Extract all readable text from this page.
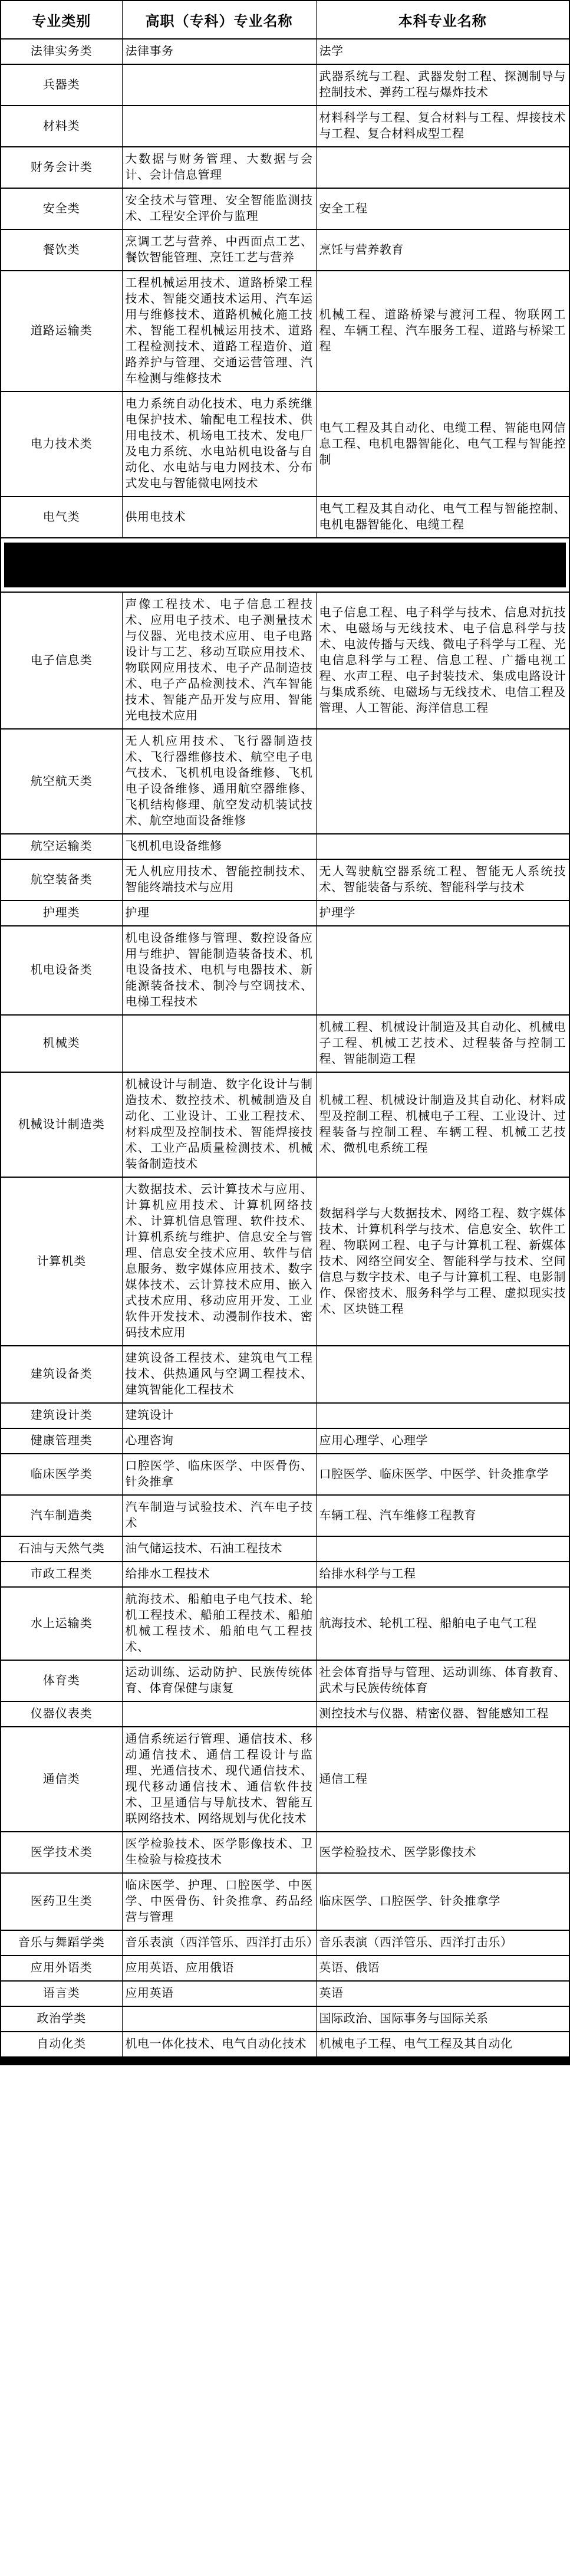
专业类别	高职（专科）专业名称	本科专业名称
法律实务类	法律事务	法学
兵器类		武器系统与工程、武器发射工程、探测制导与控制技术、弹药工程与爆炸技术
材料类		材料科学与工程、复合材料与工程、焊接技术与工程、复合材料成型工程
财务会计类	大数据与财务管理、大数据与会计、会计信息管理	
安全类	安全技术与管理、安全智能监测技术、工程安全评价与监理	安全工程
餐饮类	烹调工艺与营养、中西面点工艺、餐饮智能管理、烹饪工艺与营养	烹饪与营养教育
道路运输类	工程机械运用技术、道路桥梁工程技术、智能交通技术运用、汽车运用与维修技术、道路机械化施工技术、智能工程机械运用技术、道路工程检测技术、道路工程造价、道路养护与管理、交通运营管理、汽车检测与维修技术	机械工程、道路桥梁与渡河工程、物联网工程、车辆工程、汽车服务工程、道路与桥梁工程
电力技术类	电力系统自动化技术、电力系统继电保护技术、输配电工程技术、供用电技术、机场电工技术、发电厂及电力系统、水电站机电设备与自动化、水电站与电力网技术、分布式发电与智能微电网技术	电气工程及其自动化、电缆工程、智能电网信息工程、电机电器智能化、电气工程与智能控制
电气类	供用电技术	电气工程及其自动化、电气工程与智能控制、电机电器智能化、电缆工程

电子信息类	声像工程技术、电子信息工程技术、应用电子技术、电子测量技术与仪器、光电技术应用、电子电路设计与工艺、移动互联应用技术、物联网应用技术、电子产品制造技术、电子产品检测技术、汽车智能技术、智能产品开发与应用、智能光电技术应用	电子信息工程、电子科学与技术、信息对抗技术、电磁场与无线技术、电子信息科学与技术、电波传播与天线、微电子科学与工程、光电信息科学与工程、信息工程、广播电视工程、水声工程、电子封装技术、集成电路设计与集成系统、电磁场与无线技术、电信工程及管理、人工智能、海洋信息工程
航空航天类	无人机应用技术、飞行器制造技术、飞行器维修技术、航空电子电气技术、飞机机电设备维修、飞机电子设备维修、通用航空器维修、飞机结构修理、航空发动机装试技术、航空地面设备维修	
航空运输类	飞机机电设备维修	
航空装备类	无人机应用技术、智能控制技术、智能终端技术与应用	无人驾驶航空器系统工程、智能无人系统技术、智能装备与系统、智能科学与技术
护理类	护理	护理学
机电设备类	机电设备维修与管理、数控设备应用与维护、智能制造装备技术、机电设备技术、电机与电器技术、新能源装备技术、制冷与空调技术、电梯工程技术	
机械类		机械工程、机械设计制造及其自动化、机械电子工程、机械工艺技术、过程装备与控制工程、智能制造工程
机械设计制造类	机械设计与制造、数字化设计与制造技术、数控技术、机械制造及自动化、工业设计、工业工程技术、材料成型及控制技术、智能焊接技术、工业产品质量检测技术、机械装备制造技术	机械工程、机械设计制造及其自动化、材料成型及控制工程、机械电子工程、工业设计、过程装备与控制工程、车辆工程、机械工艺技术、微机电系统工程
计算机类	大数据技术、云计算技术与应用、计算机应用技术、计算机网络技术、计算机信息管理、软件技术、计算机系统与维护、信息安全与管理、信息安全技术应用、软件与信息服务、数字媒体应用技术、数字媒体技术、云计算技术应用、嵌入式技术应用、移动应用开发、工业软件开发技术、动漫制作技术、密码技术应用	数据科学与大数据技术、网络工程、数字媒体技术、计算机科学与技术、信息安全、软件工程、物联网工程、电子与计算机工程、新媒体技术、网络空间安全、智能科学与技术、空间信息与数字技术、电子与计算机工程、电影制作、保密技术、服务科学与工程、虚拟现实技术、区块链工程
建筑设备类	建筑设备工程技术、建筑电气工程技术、供热通风与空调工程技术、建筑智能化工程技术	
建筑设计类	建筑设计	
健康管理类	心理咨询	应用心理学、心理学
临床医学类	口腔医学、临床医学、中医骨伤、针灸推拿	口腔医学、临床医学、中医学、针灸推拿学
汽车制造类	汽车制造与试验技术、汽车电子技术	车辆工程、汽车维修工程教育
石油与天然气类	油气储运技术、石油工程技术	
市政工程类	给排水工程技术	给排水科学与工程
水上运输类	航海技术、船舶电子电气技术、轮机工程技术、船舶工程技术、船舶机械工程技术、船舶电气工程技术、	航海技术、轮机工程、船舶电子电气工程
体育类	运动训练、运动防护、民族传统体育、体育保健与康复	社会体育指导与管理、运动训练、体育教育、武术与民族传统体育
仪器仪表类		测控技术与仪器、精密仪器、智能感知工程
通信类	通信系统运行管理、通信技术、移动通信技术、通信工程设计与监理、光通信技术、现代通信技术、现代移动通信技术、通信软件技术、卫星通信与导航技术、智能互联网络技术、网络规划与优化技术	通信工程
医学技术类	医学检验技术、医学影像技术、卫生检验与检疫技术	医学检验技术、医学影像技术
医药卫生类	临床医学、护理、口腔医学、中医学、中医骨伤、针灸推拿、药品经营与管理	临床医学、口腔医学、针灸推拿学
音乐与舞蹈学类	音乐表演（西洋管乐、西洋打击乐）	音乐表演（西洋管乐、西洋打击乐）
应用外语类	应用英语、应用俄语	英语、俄语
语言类	应用英语	英语
政治学类		国际政治、国际事务与国际关系
自动化类	机电一体化技术、电气自动化技术	机械电子工程、电气工程及其自动化
